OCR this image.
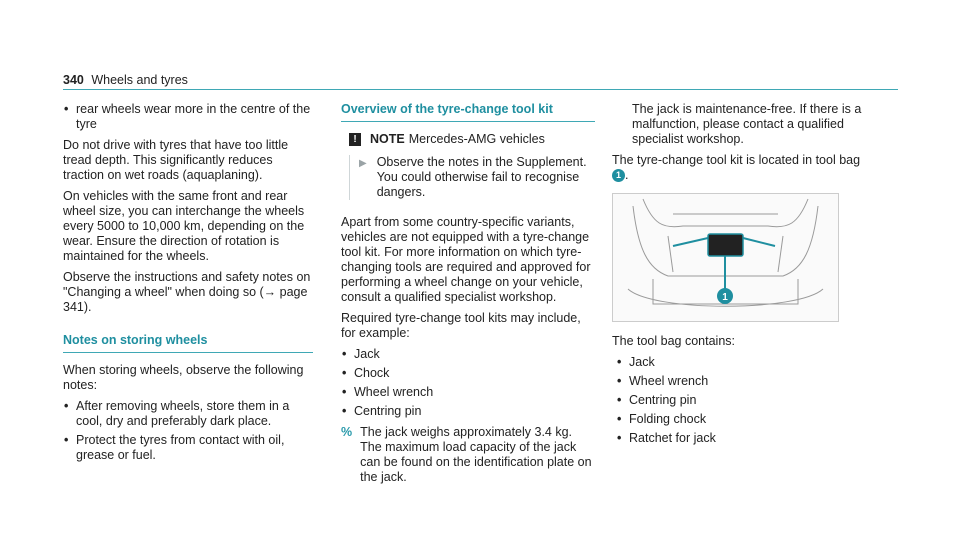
340 Wheels and tyres
• rear wheels wear more in the centre of the tyre

Do not drive with tyres that have too little tread depth. This significantly reduces traction on wet roads (aquaplaning).

On vehicles with the same front and rear wheel size, you can interchange the wheels every 5000 to 10,000 km, depending on the wear. Ensure the direction of rotation is maintained for the wheels.

Observe the instructions and safety notes on "Changing a wheel" when doing so (→ page 341).

Notes on storing wheels

When storing wheels, observe the following notes:

• After removing wheels, store them in a cool, dry and preferably dark place.
• Protect the tyres from contact with oil, grease or fuel.
Overview of the tyre-change tool kit
!	NOTE Mercedes-AMG vehicles
▶ Observe the notes in the Supplement. You could otherwise fail to recognise dangers.

Apart from some country-specific variants, vehicles are not equipped with a tyre-change tool kit. For more information on which tyre-changing tools are required and approved for performing a wheel change on your vehicle, consult a qualified specialist workshop.

Required tyre-change tool kits may include, for example:

• Jack
• Chock
• Wheel wrench
• Centring pin
% The jack weighs approximately 3.4 kg.
The maximum load capacity of the jack can be found on the identification plate on the jack.

The jack is maintenance-free. If there is a malfunction, please contact a qualified specialist workshop.

The tyre-change tool kit is located in tool bag

1 .
1

The tool bag contains:

• Jack
• Wheel wrench
• Centring pin
• Folding chock
• Ratchet for jack
